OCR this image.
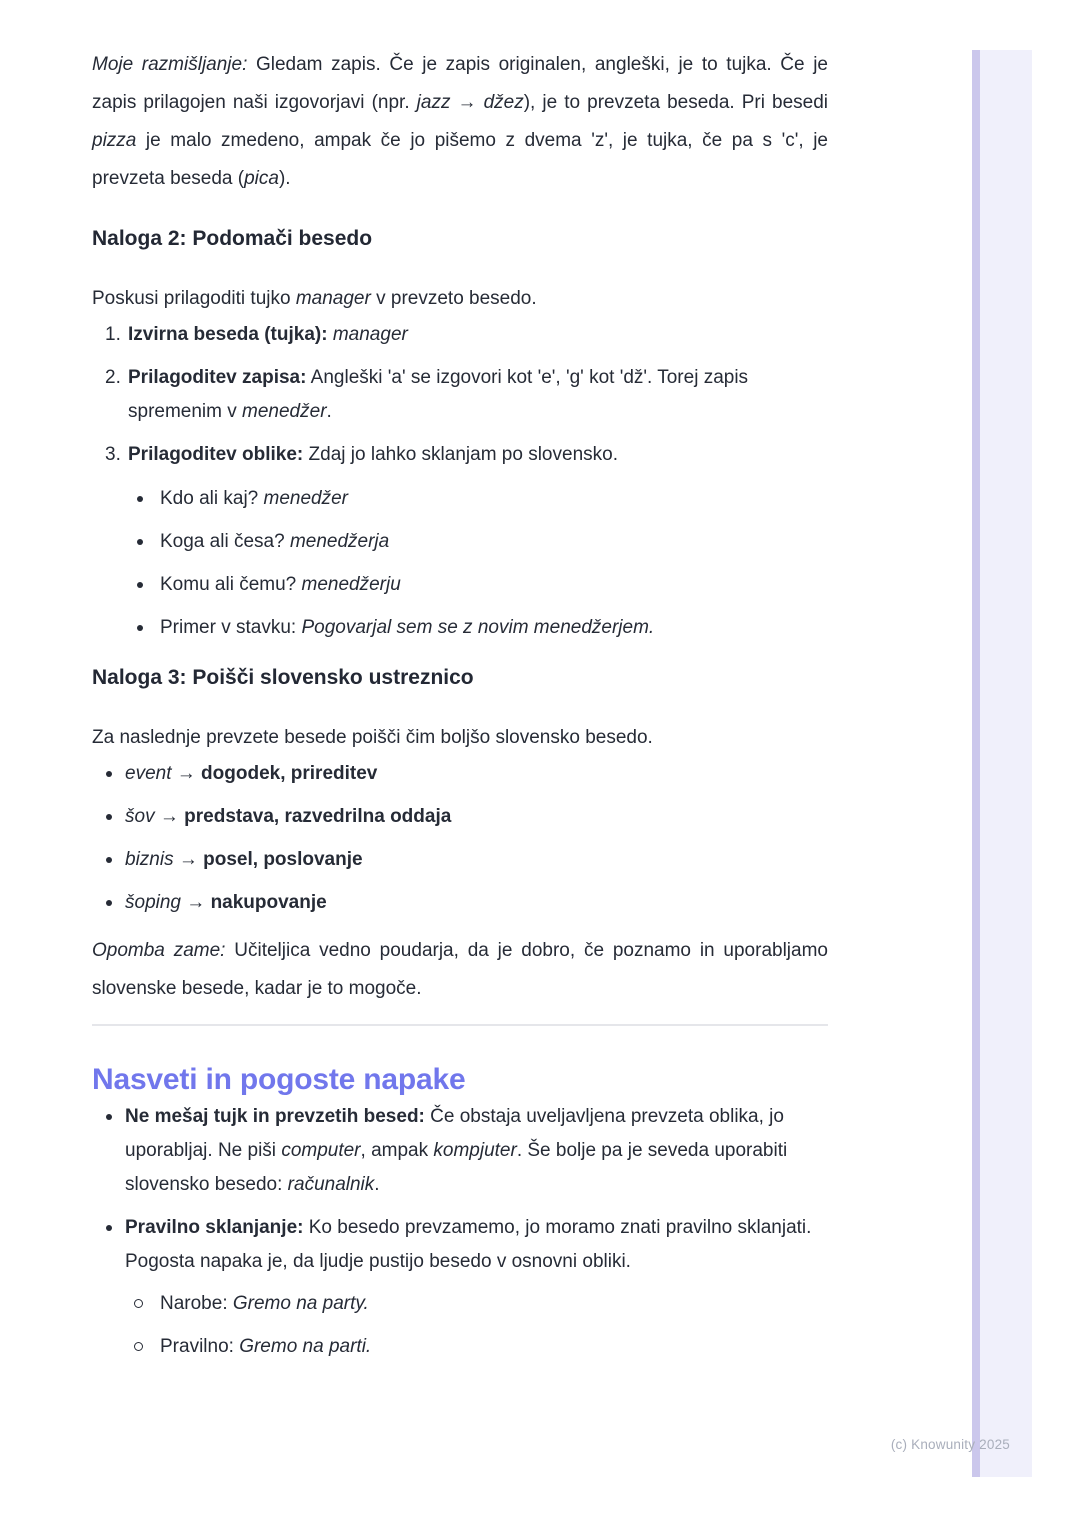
Moje razmišljanje: Gledam zapis. Če je zapis originalen, angleški, je to tujka. Če je zapis prilagojen naši izgovorjavi (npr. jazz → džez), je to prevzeta beseda. Pri besedi pizza je malo zmedeno, ampak če jo pišemo z dvema 'z', je tujka, če pa s 'c', je prevzeta beseda (pica).

Naloga 2: Podomači besedo

Poskusi prilagoditi tujko manager v prevzeto besedo.

1. Izvirna beseda (tujka): manager
2. Prilagoditev zapisa: Angleški 'a' se izgovori kot 'e', 'g' kot 'dž'. Torej zapis spremenim v menedžer.
3. Prilagoditev oblike: Zdaj jo lahko sklanjam po slovensko.
Kdo ali kaj? menedžer
Koga ali česa? menedžerja
Komu ali čemu? menedžerju
Primer v stavku: Pogovarjal sem se z novim menedžerjem.
Naloga 3: Poišči slovensko ustreznico

Za naslednje prevzete besede poišči čim boljšo slovensko besedo.

event → dogodek, prireditev
šov → predstava, razvedrilna oddaja
biznis → posel, poslovanje
šoping → nakupovanje

Opomba zame: Učiteljica vedno poudarja, da je dobro, če poznamo in uporabljamo slovenske besede, kadar je to mogoče.

Nasveti in pogoste napake
Ne mešaj tujk in prevzetih besed: Če obstaja uveljavljena prevzeta oblika, jo uporabljaj. Ne piši computer, ampak kompjuter. Še bolje pa je seveda uporabiti slovensko besedo: računalnik.
Pravilno sklanjanje: Ko besedo prevzamemo, jo moramo znati pravilno sklanjati. Pogosta napaka je, da ljudje pustijo besedo v osnovni obliki.
Narobe: Gremo na party.
Pravilno: Gremo na parti.
(c) Knowunity 2025
